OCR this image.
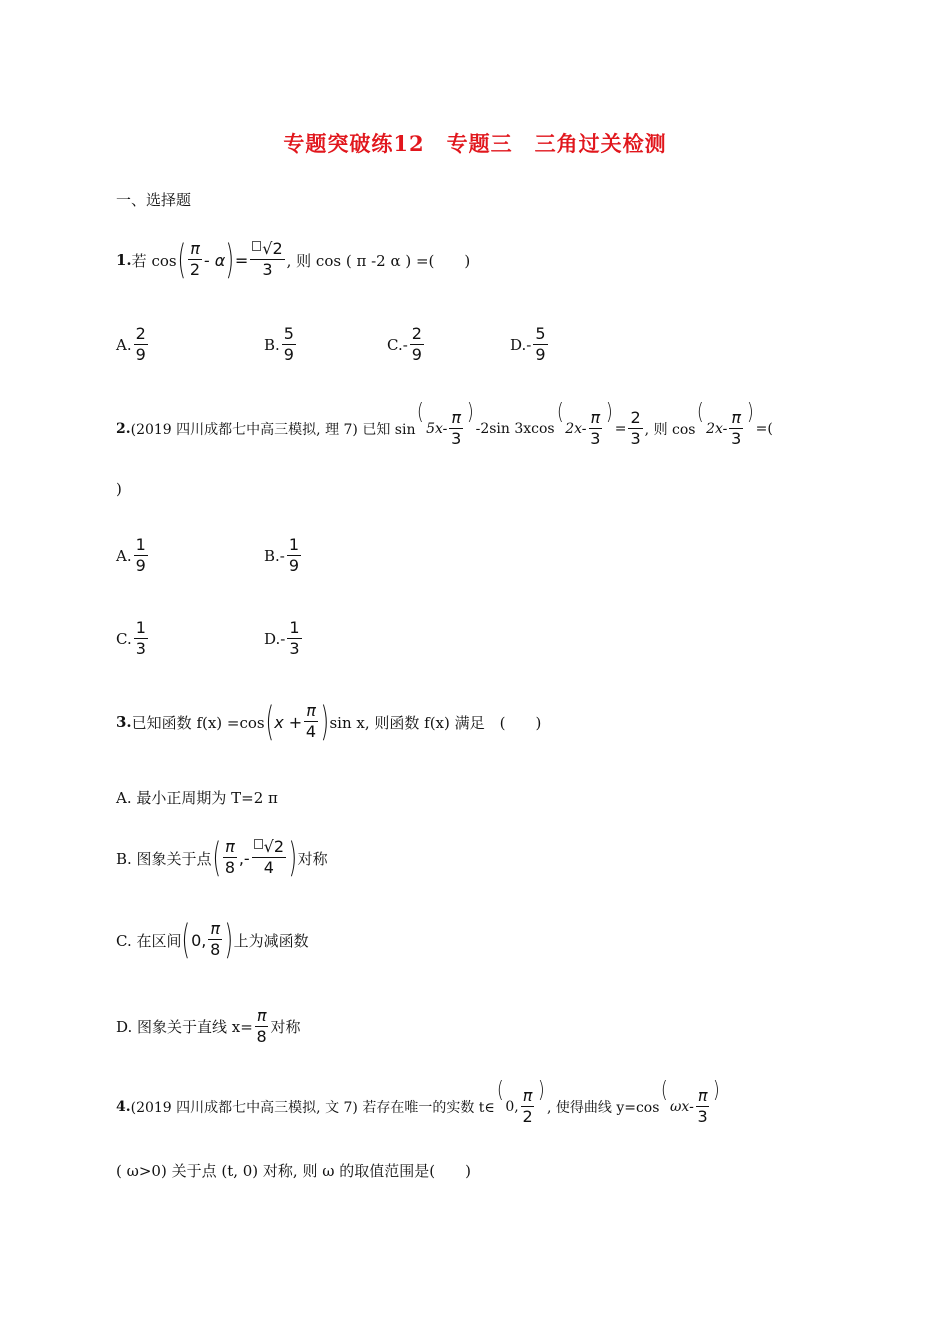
专题突破练12　专题三　三角过关检测
一、选择题
1. 若 cos ( $\frac{\pi}{2}$ - α ) = $\frac{√2}{3}$ , 则 cos ( π -2 α ) =(　　)
A. $\frac{2}{9}$	B. $\frac{5}{9}$	C. - $\frac{2}{9}$	D. - $\frac{5}{9}$
2. (2019 四川成都七中高三模拟, 理 7) 已知 sin
(
$5x- \frac{\pi}{3}$ )
-2sin 3xcos
(
$2x- \frac{\pi}{3}$ )
= $\frac{2}{3}$ , 则 cos
(
$2x- \frac{\pi}{3}$ )
=(
)
A. $\frac{1}{9}$	B. - $\frac{1}{9}$
C. $\frac{1}{3}$	D. - $\frac{1}{3}$
3. 已知函数 f(x) =cos ( $x + \frac{\pi}{4}$ ) sin x, 则函数 f(x) 满足　(　　)
A. 最小正周期为 T=2 π
B. 图象关于点 ( $\frac{\pi}{8}$ ,- $\frac{√2}{4}$ ) 对称
C. 在区间 ( 0, $\frac{\pi}{8}$ ) 上为减函数
D. 图象关于直线 $x= \frac{\pi}{8}$ 对称
4. (2019 四川成都七中高三模拟, 文 7) 若存在唯一的实数 t∈
(
0, $\frac{\pi}{2}$ )
, 使得曲线 y=cos
(
$\omega x- \frac{\pi}{3}$ )
( ω>0) 关于点 (t, 0) 对称, 则 ω 的取值范围是(　　)
